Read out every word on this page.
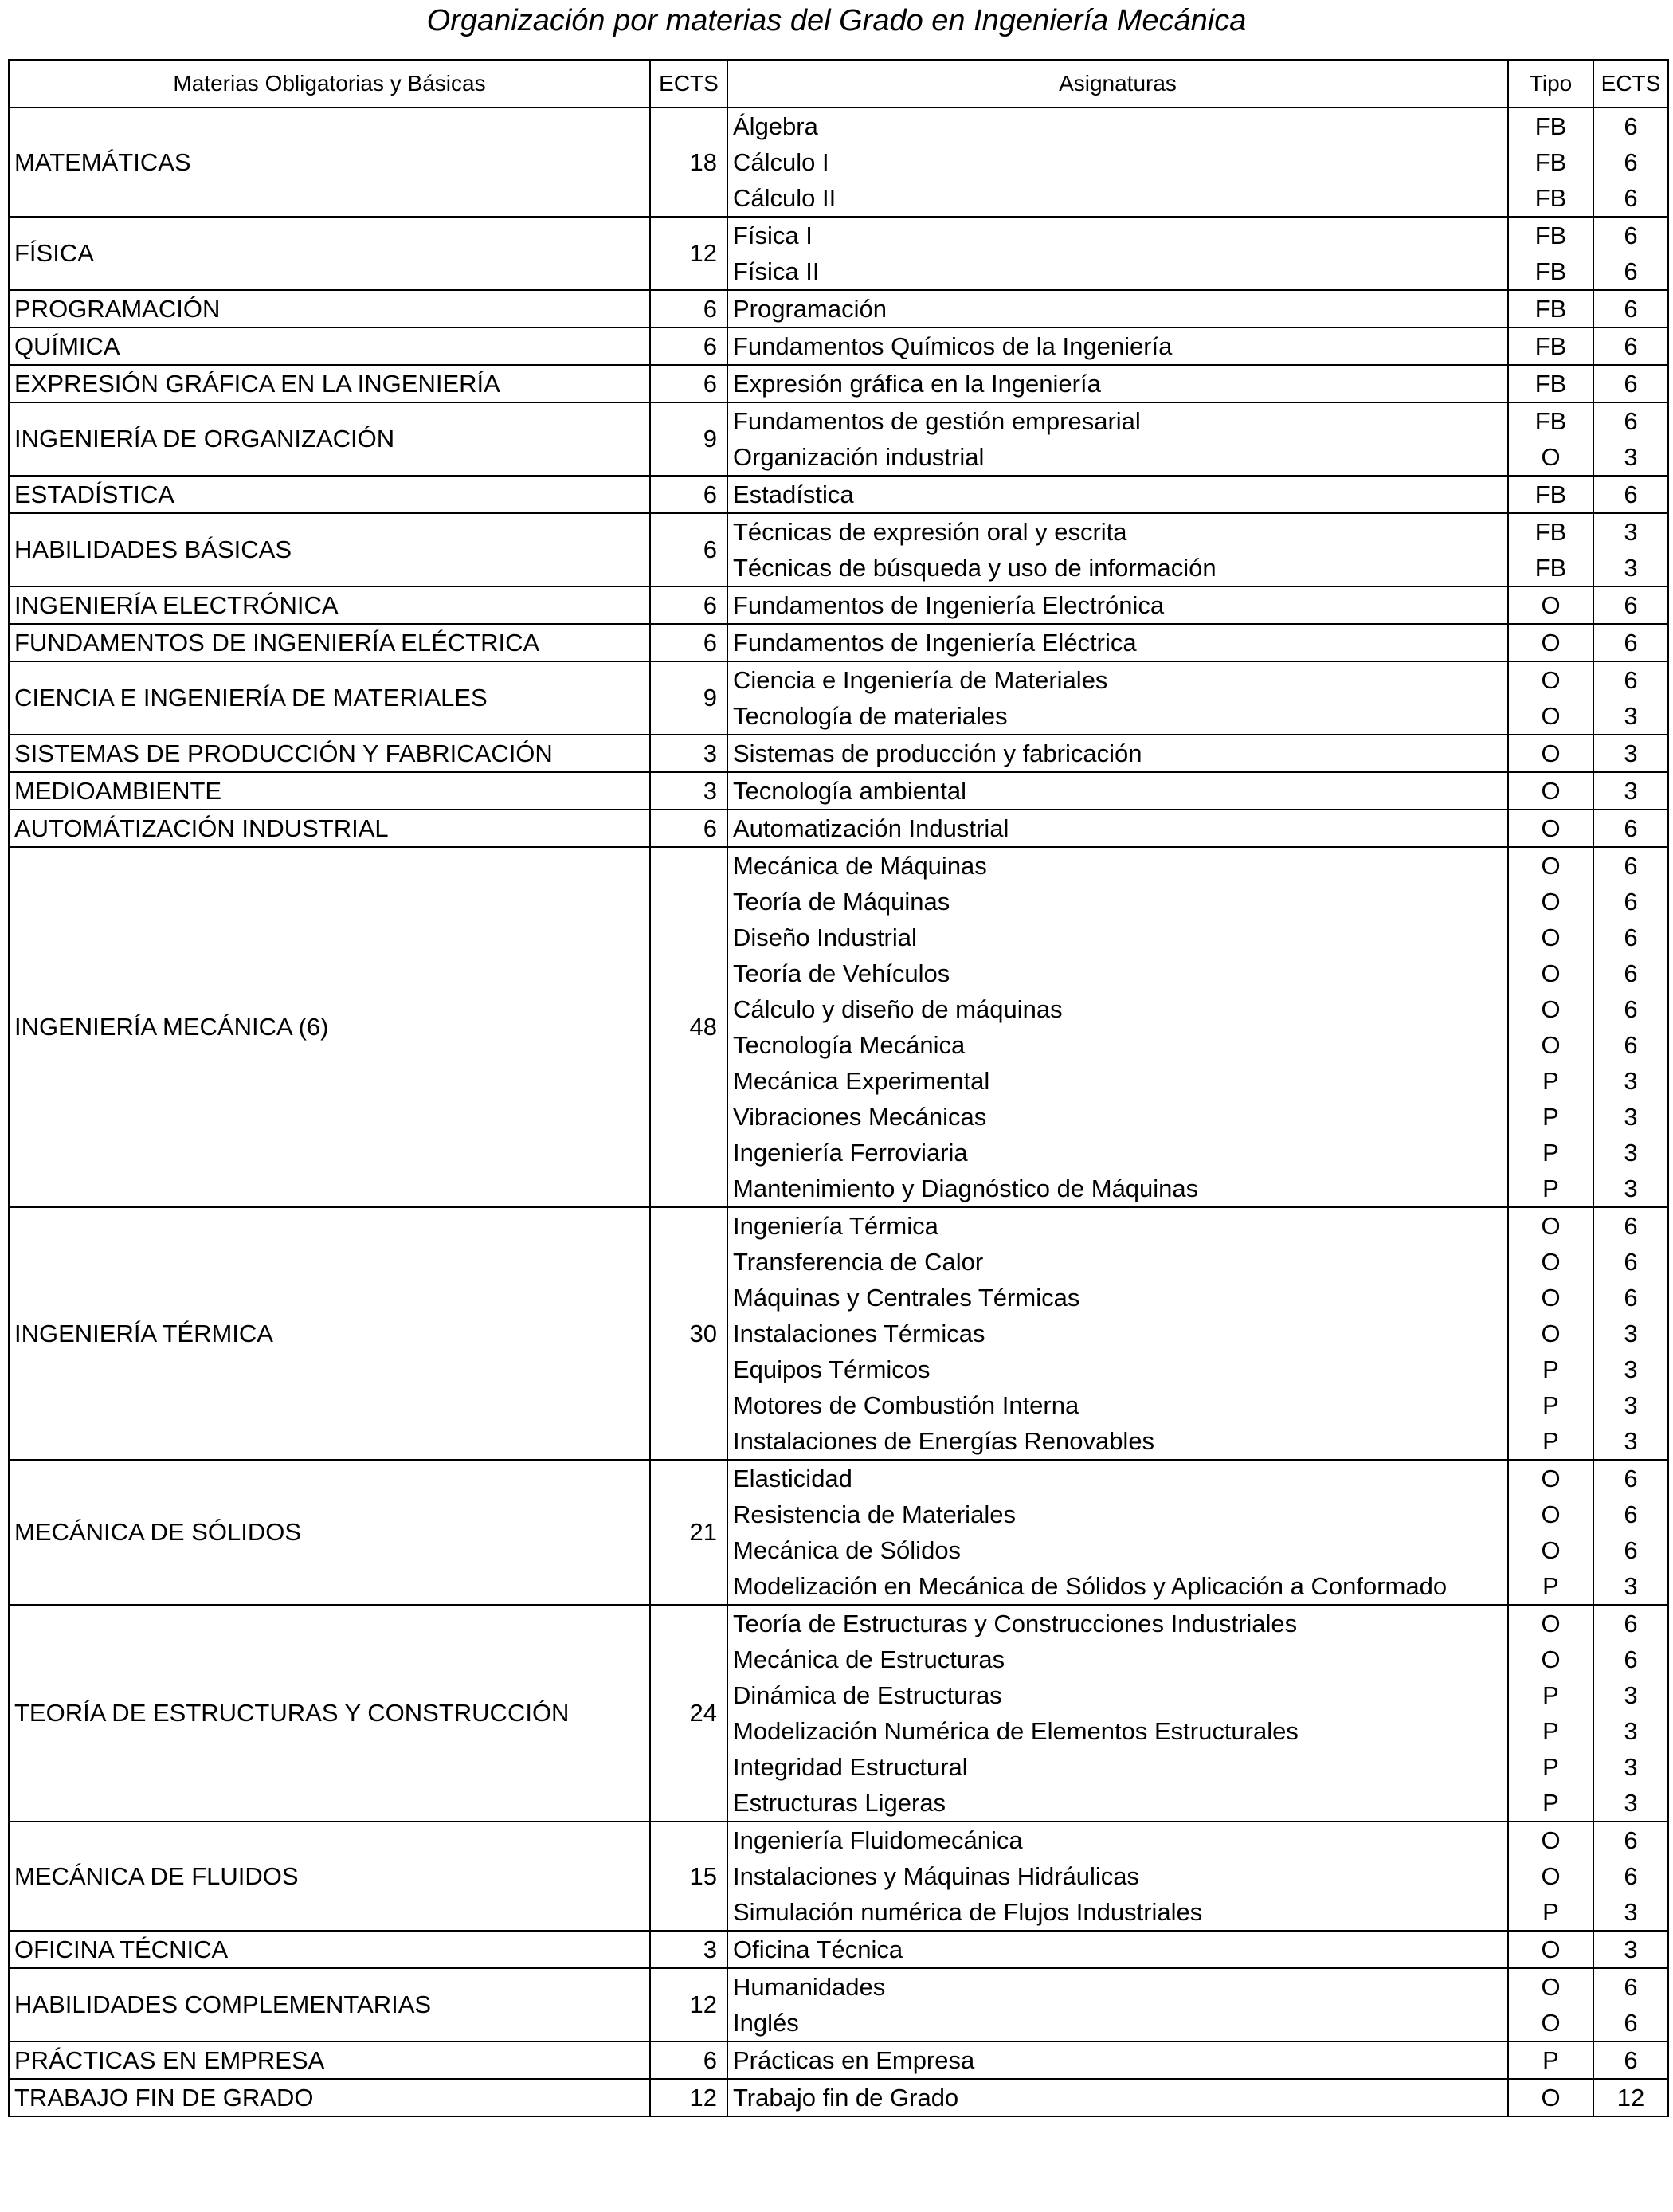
Organización por materias del Grado en Ingeniería Mecánica
Materias Obligatorias y Básicas	ECTS	Asignaturas	Tipo	ECTS
MATEMÁTICAS	18	Álgebra	FB	6
		Cálculo I	FB	6
		Cálculo II	FB	6
FÍSICA	12	Física I	FB	6
		Física II	FB	6
PROGRAMACIÓN	6	Programación	FB	6
QUÍMICA	6	Fundamentos Químicos de la Ingeniería	FB	6
EXPRESIÓN GRÁFICA EN LA INGENIERÍA	6	Expresión gráfica en la Ingeniería	FB	6
INGENIERÍA DE ORGANIZACIÓN	9	Fundamentos de gestión empresarial	FB	6
		Organización industrial	O	3
ESTADÍSTICA	6	Estadística	FB	6
HABILIDADES BÁSICAS	6	Técnicas de expresión oral y escrita	FB	3
		Técnicas de búsqueda y uso de información	FB	3
INGENIERÍA ELECTRÓNICA	6	Fundamentos de Ingeniería Electrónica	O	6
FUNDAMENTOS DE INGENIERÍA ELÉCTRICA	6	Fundamentos de Ingeniería Eléctrica	O	6
CIENCIA E INGENIERÍA DE MATERIALES	9	Ciencia e Ingeniería de Materiales	O	6
		Tecnología de materiales	O	3
SISTEMAS DE PRODUCCIÓN Y FABRICACIÓN	3	Sistemas de producción y fabricación	O	3
MEDIOAMBIENTE	3	Tecnología ambiental	O	3
AUTOMÁTIZACIÓN INDUSTRIAL	6	Automatización Industrial	O	6
INGENIERÍA MECÁNICA (6)	48	Mecánica de Máquinas	O	6
		Teoría de Máquinas	O	6
		Diseño Industrial	O	6
		Teoría de Vehículos	O	6
		Cálculo y diseño de máquinas	O	6
		Tecnología Mecánica	O	6
		Mecánica Experimental	P	3
		Vibraciones Mecánicas	P	3
		Ingeniería Ferroviaria	P	3
		Mantenimiento y Diagnóstico de Máquinas	P	3
INGENIERÍA TÉRMICA	30	Ingeniería Térmica	O	6
		Transferencia de Calor	O	6
		Máquinas y Centrales Térmicas	O	6
		Instalaciones Térmicas	O	3
		Equipos Térmicos	P	3
		Motores de Combustión Interna	P	3
		Instalaciones de Energías Renovables	P	3
MECÁNICA DE SÓLIDOS	21	Elasticidad	O	6
		Resistencia de Materiales	O	6
		Mecánica de Sólidos	O	6
		Modelización en Mecánica de Sólidos y Aplicación a Conformado	P	3
TEORÍA DE ESTRUCTURAS Y CONSTRUCCIÓN	24	Teoría de Estructuras y Construcciones Industriales	O	6
		Mecánica de Estructuras	O	6
		Dinámica de Estructuras	P	3
		Modelización Numérica de Elementos Estructurales	P	3
		Integridad Estructural	P	3
		Estructuras Ligeras	P	3
MECÁNICA DE FLUIDOS	15	Ingeniería Fluidomecánica	O	6
		Instalaciones y Máquinas Hidráulicas	O	6
		Simulación numérica de Flujos Industriales	P	3
OFICINA TÉCNICA	3	Oficina Técnica	O	3
HABILIDADES COMPLEMENTARIAS	12	Humanidades	O	6
		Inglés	O	6
PRÁCTICAS EN EMPRESA	6	Prácticas en Empresa	P	6
TRABAJO FIN DE GRADO	12	Trabajo fin de Grado	O	12
